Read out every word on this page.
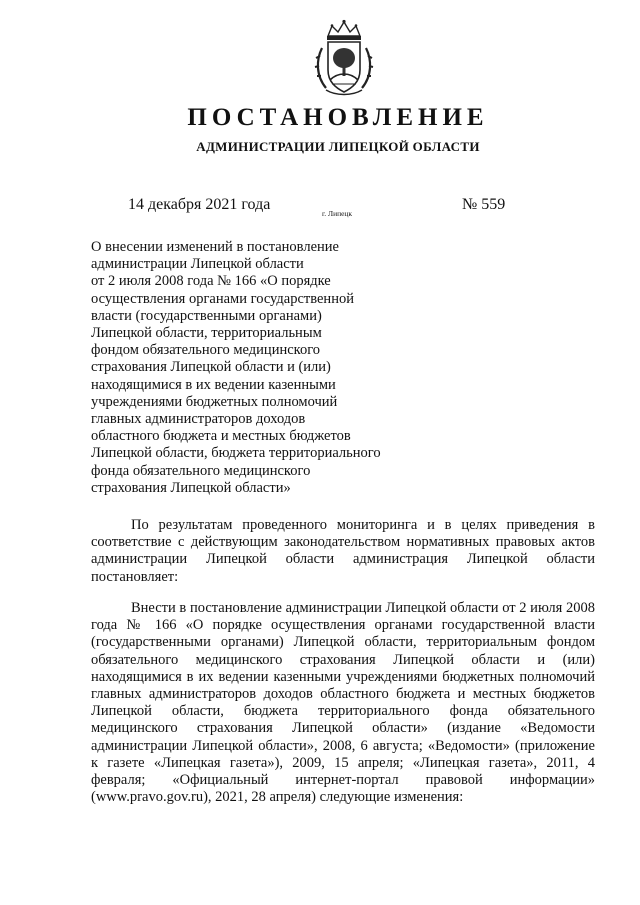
ПОСТАНОВЛЕНИЕ
АДМИНИСТРАЦИИ ЛИПЕЦКОЙ ОБЛАСТИ
14 декабря 2021 года
г. Липецк
№ 559

О внесении изменений в постановление
администрации Липецкой области
от 2 июля 2008 года № 166 «О порядке
осуществления органами государственной
власти (государственными органами)
Липецкой области, территориальным
фондом обязательного медицинского
страхования Липецкой области и (или)
находящимися в их ведении казенными
учреждениями бюджетных полномочий
главных администраторов доходов
областного бюджета и местных бюджетов
Липецкой области, бюджета территориального
фонда обязательного медицинского
страхования Липецкой области»

По результатам проведенного мониторинга и в целях приведения в соответствие с действующим законодательством нормативных правовых актов администрации Липецкой области администрация Липецкой области постановляет:

Внести в постановление администрации Липецкой области от 2 июля 2008 года № 166 «О порядке осуществления органами государственной власти (государственными органами) Липецкой области, территориальным фондом обязательного медицинского страхования Липецкой области и (или) находящимися в их ведении казенными учреждениями бюджетных полномочий главных администраторов доходов областного бюджета и местных бюджетов Липецкой области, бюджета территориального фонда обязательного медицинского страхования Липецкой области» (издание «Ведомости администрации Липецкой области», 2008, 6 августа; «Ведомости» (приложение к газете «Липецкая газета»), 2009, 15 апреля; «Липецкая газета», 2011, 4 февраля; «Официальный интернет-портал правовой информации» (www.pravo.gov.ru), 2021, 28 апреля) следующие изменения:
